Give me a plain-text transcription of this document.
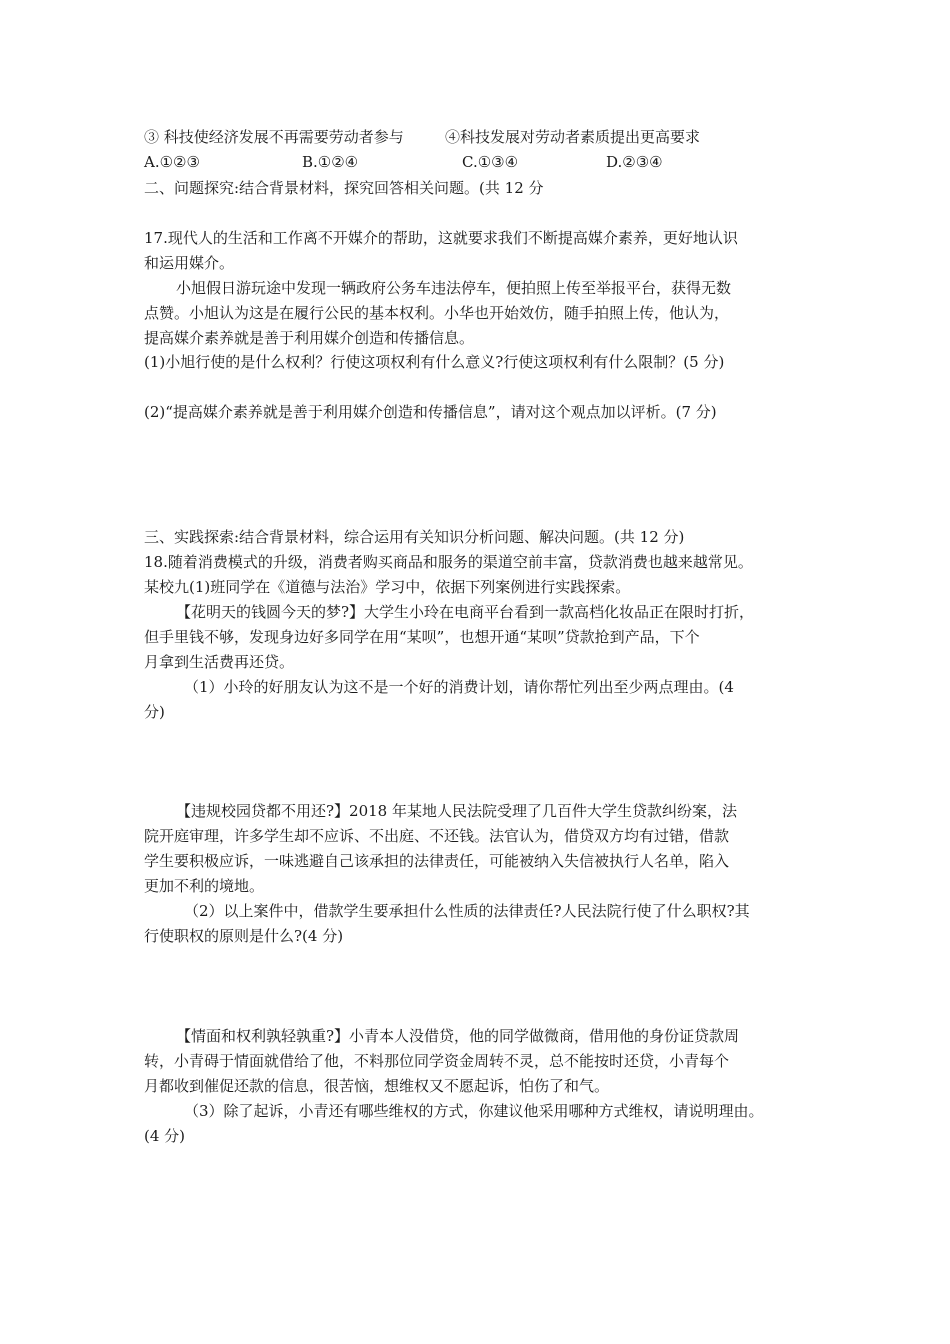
③ 科技使经济发展不再需要劳动者参与	④科技发展对劳动者素质提出更高要求
A.①②③	B.①②④	C.①③④	D.②③④
二、问题探究:结合背景材料，探究回答相关问题。(共 12 分
17.现代人的生活和工作离不开媒介的帮助，这就要求我们不断提高媒介素养，更好地认识
和运用媒介。
小旭假日游玩途中发现一辆政府公务车违法停车，便拍照上传至举报平台，获得无数
点赞。小旭认为这是在履行公民的基本权利。小华也开始效仿，随手拍照上传，他认为，
提高媒介素养就是善于利用媒介创造和传播信息。
(1)小旭行使的是什么权利？行使这项权利有什么意义?行使这项权利有什么限制？(5 分)
(2)“提高媒介素养就是善于利用媒介创造和传播信息”，请对这个观点加以评析。(7 分)
三、实践探索:结合背景材料，综合运用有关知识分析问题、解决问题。(共 12 分)
18.随着消费模式的升级，消费者购买商品和服务的渠道空前丰富，贷款消费也越来越常见。
某校九(1)班同学在《道德与法治》学习中，依据下列案例进行实践探索。
【花明天的钱圆今天的梦?】大学生小玲在电商平台看到一款高档化妆品正在限时打折，
但手里钱不够，发现身边好多同学在用“某呗”，也想开通“某呗”贷款抢到产品，下个
月拿到生活费再还贷。
（1）小玲的好朋友认为这不是一个好的消费计划，请你帮忙列出至少两点理由。(4
分)
【违规校园贷都不用还?】2018 年某地人民法院受理了几百件大学生贷款纠纷案，法
院开庭审理，许多学生却不应诉、不出庭、不还钱。法官认为，借贷双方均有过错，借款
学生要积极应诉，一味逃避自己该承担的法律责任，可能被纳入失信被执行人名单，陷入
更加不利的境地。
（2）以上案件中，借款学生要承担什么性质的法律责任?人民法院行使了什么职权?其
行使职权的原则是什么?(4 分)
【情面和权利孰轻孰重?】小青本人没借贷，他的同学做微商，借用他的身份证贷款周
转，小青碍于情面就借给了他，不料那位同学资金周转不灵，总不能按时还贷，小青每个
月都收到催促还款的信息，很苦恼，想维权又不愿起诉，怕伤了和气。
（3）除了起诉，小青还有哪些维权的方式，你建议他采用哪种方式维权，请说明理由。
(4 分)
